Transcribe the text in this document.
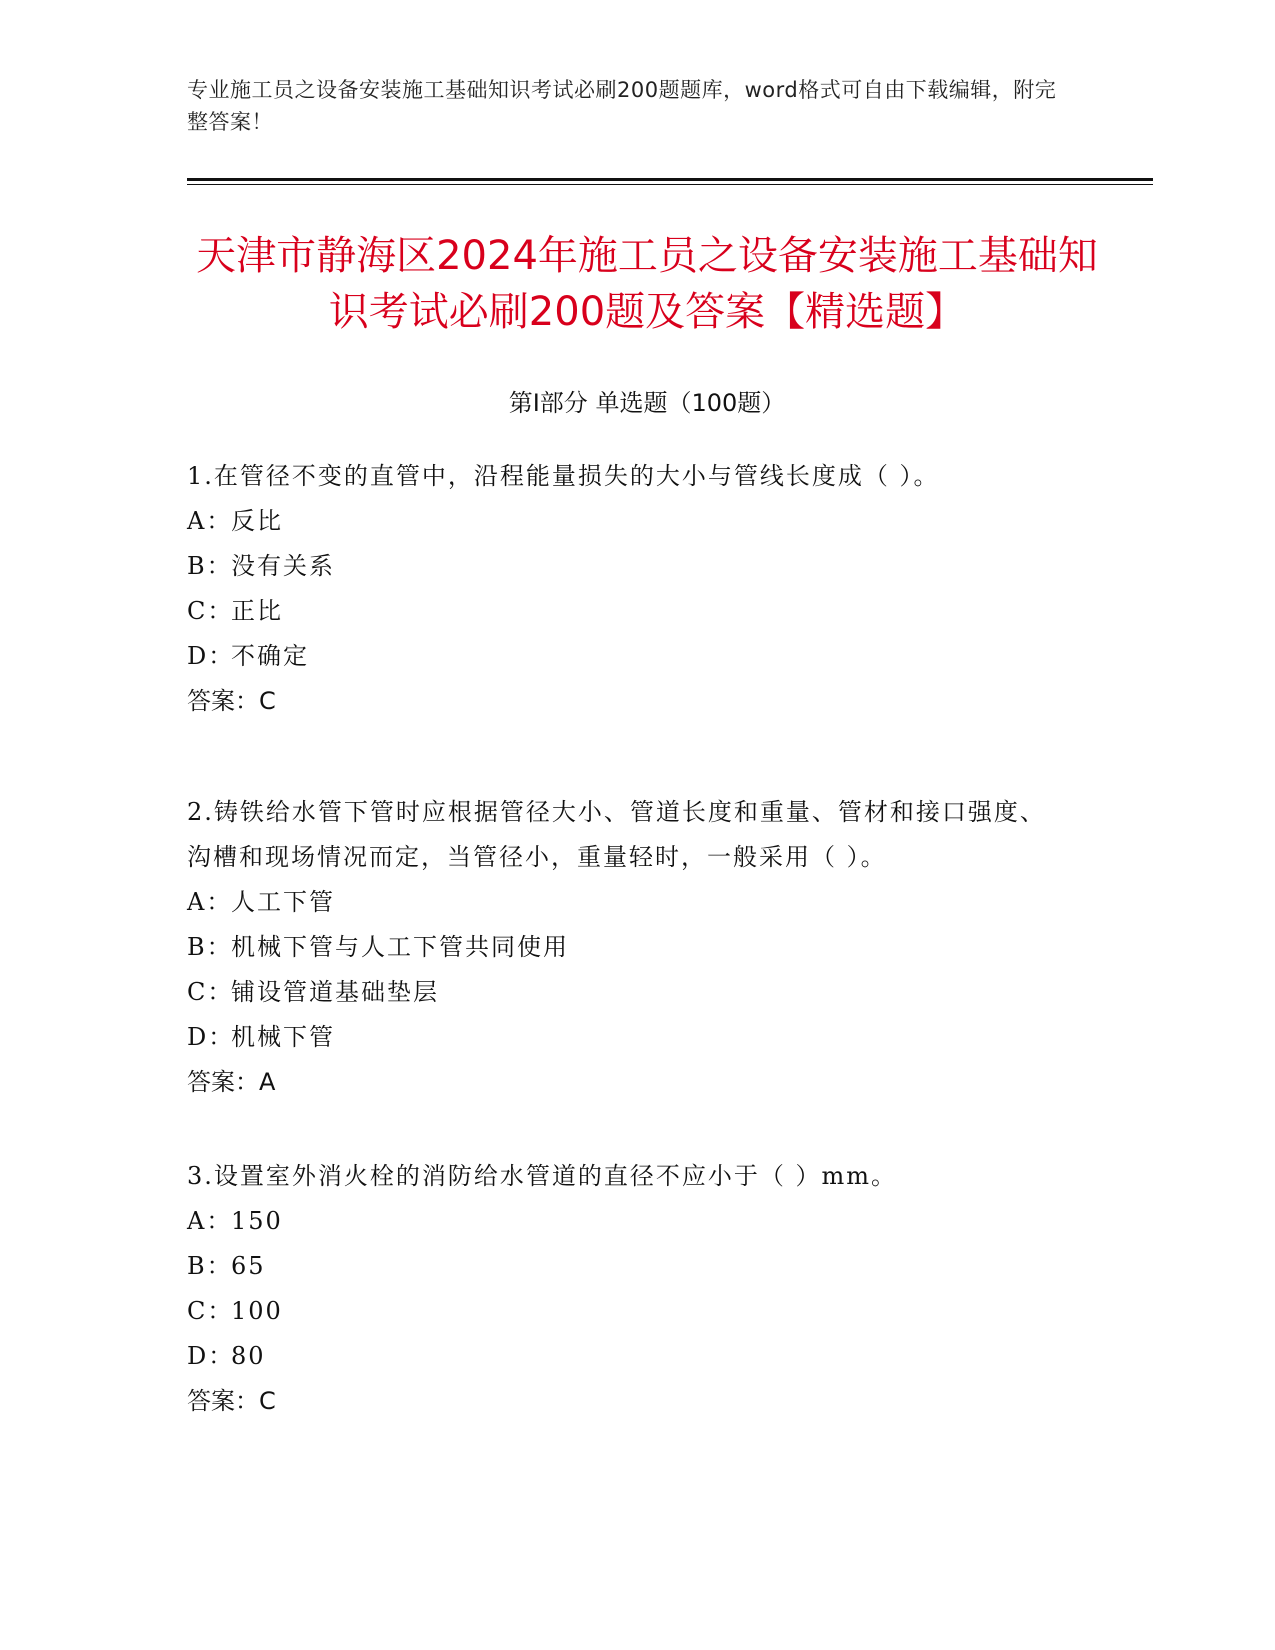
专业施工员之设备安装施工基础知识考试必刷200题题库，word格式可自由下载编辑，附完整答案！
天津市静海区2024年施工员之设备安装施工基础知识考试必刷200题及答案【精选题】
第Ⅰ部分 单选题（100题）
1.在管径不变的直管中，沿程能量损失的大小与管线长度成（ ）。
A：反比
B：没有关系
C：正比
D：不确定
答案：C
2.铸铁给水管下管时应根据管径大小、管道长度和重量、管材和接口强度、沟槽和现场情况而定，当管径小，重量轻时，一般采用（ ）。
A：人工下管
B：机械下管与人工下管共同使用
C：铺设管道基础垫层
D：机械下管
答案：A
3.设置室外消火栓的消防给水管道的直径不应小于（ ）mm。
A：150
B：65
C：100
D：80
答案：C
